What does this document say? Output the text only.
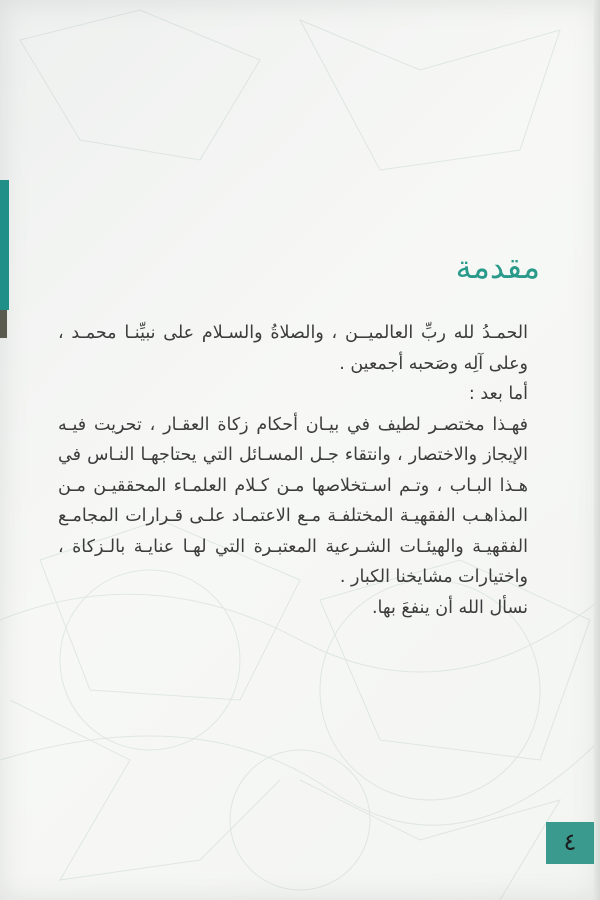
مقدمة

الحمـدُ لله ربِّ العالميــن ، والصلاةُ والسـلام على نبيِّنـا محمـد ،

وعلى آلِه وصَحبه أجمعين .

أما بعد :

فهـذا مختصـر لطيف في بيـان أحكام زكاة العقـار ، تحريت فيـه

الإيجاز والاختصار ، وانتقاء جـل المسـائل التي يحتاجهـا النـاس في

هـذا البـاب ، وتـم اسـتخلاصها مـن كـلام العلمـاء المحققيـن مـن

المذاهـب الفقهيـة المختلفـة مـع الاعتمـاد علـى قـرارات المجامـع

الفقهيـة والهيئـات الشـرعية المعتبـرة التي لهـا عنايـة بالـزكاة ،

واختيارات مشايخنا الكبار .

نسأل الله أن ينفعَ بها.

٤
